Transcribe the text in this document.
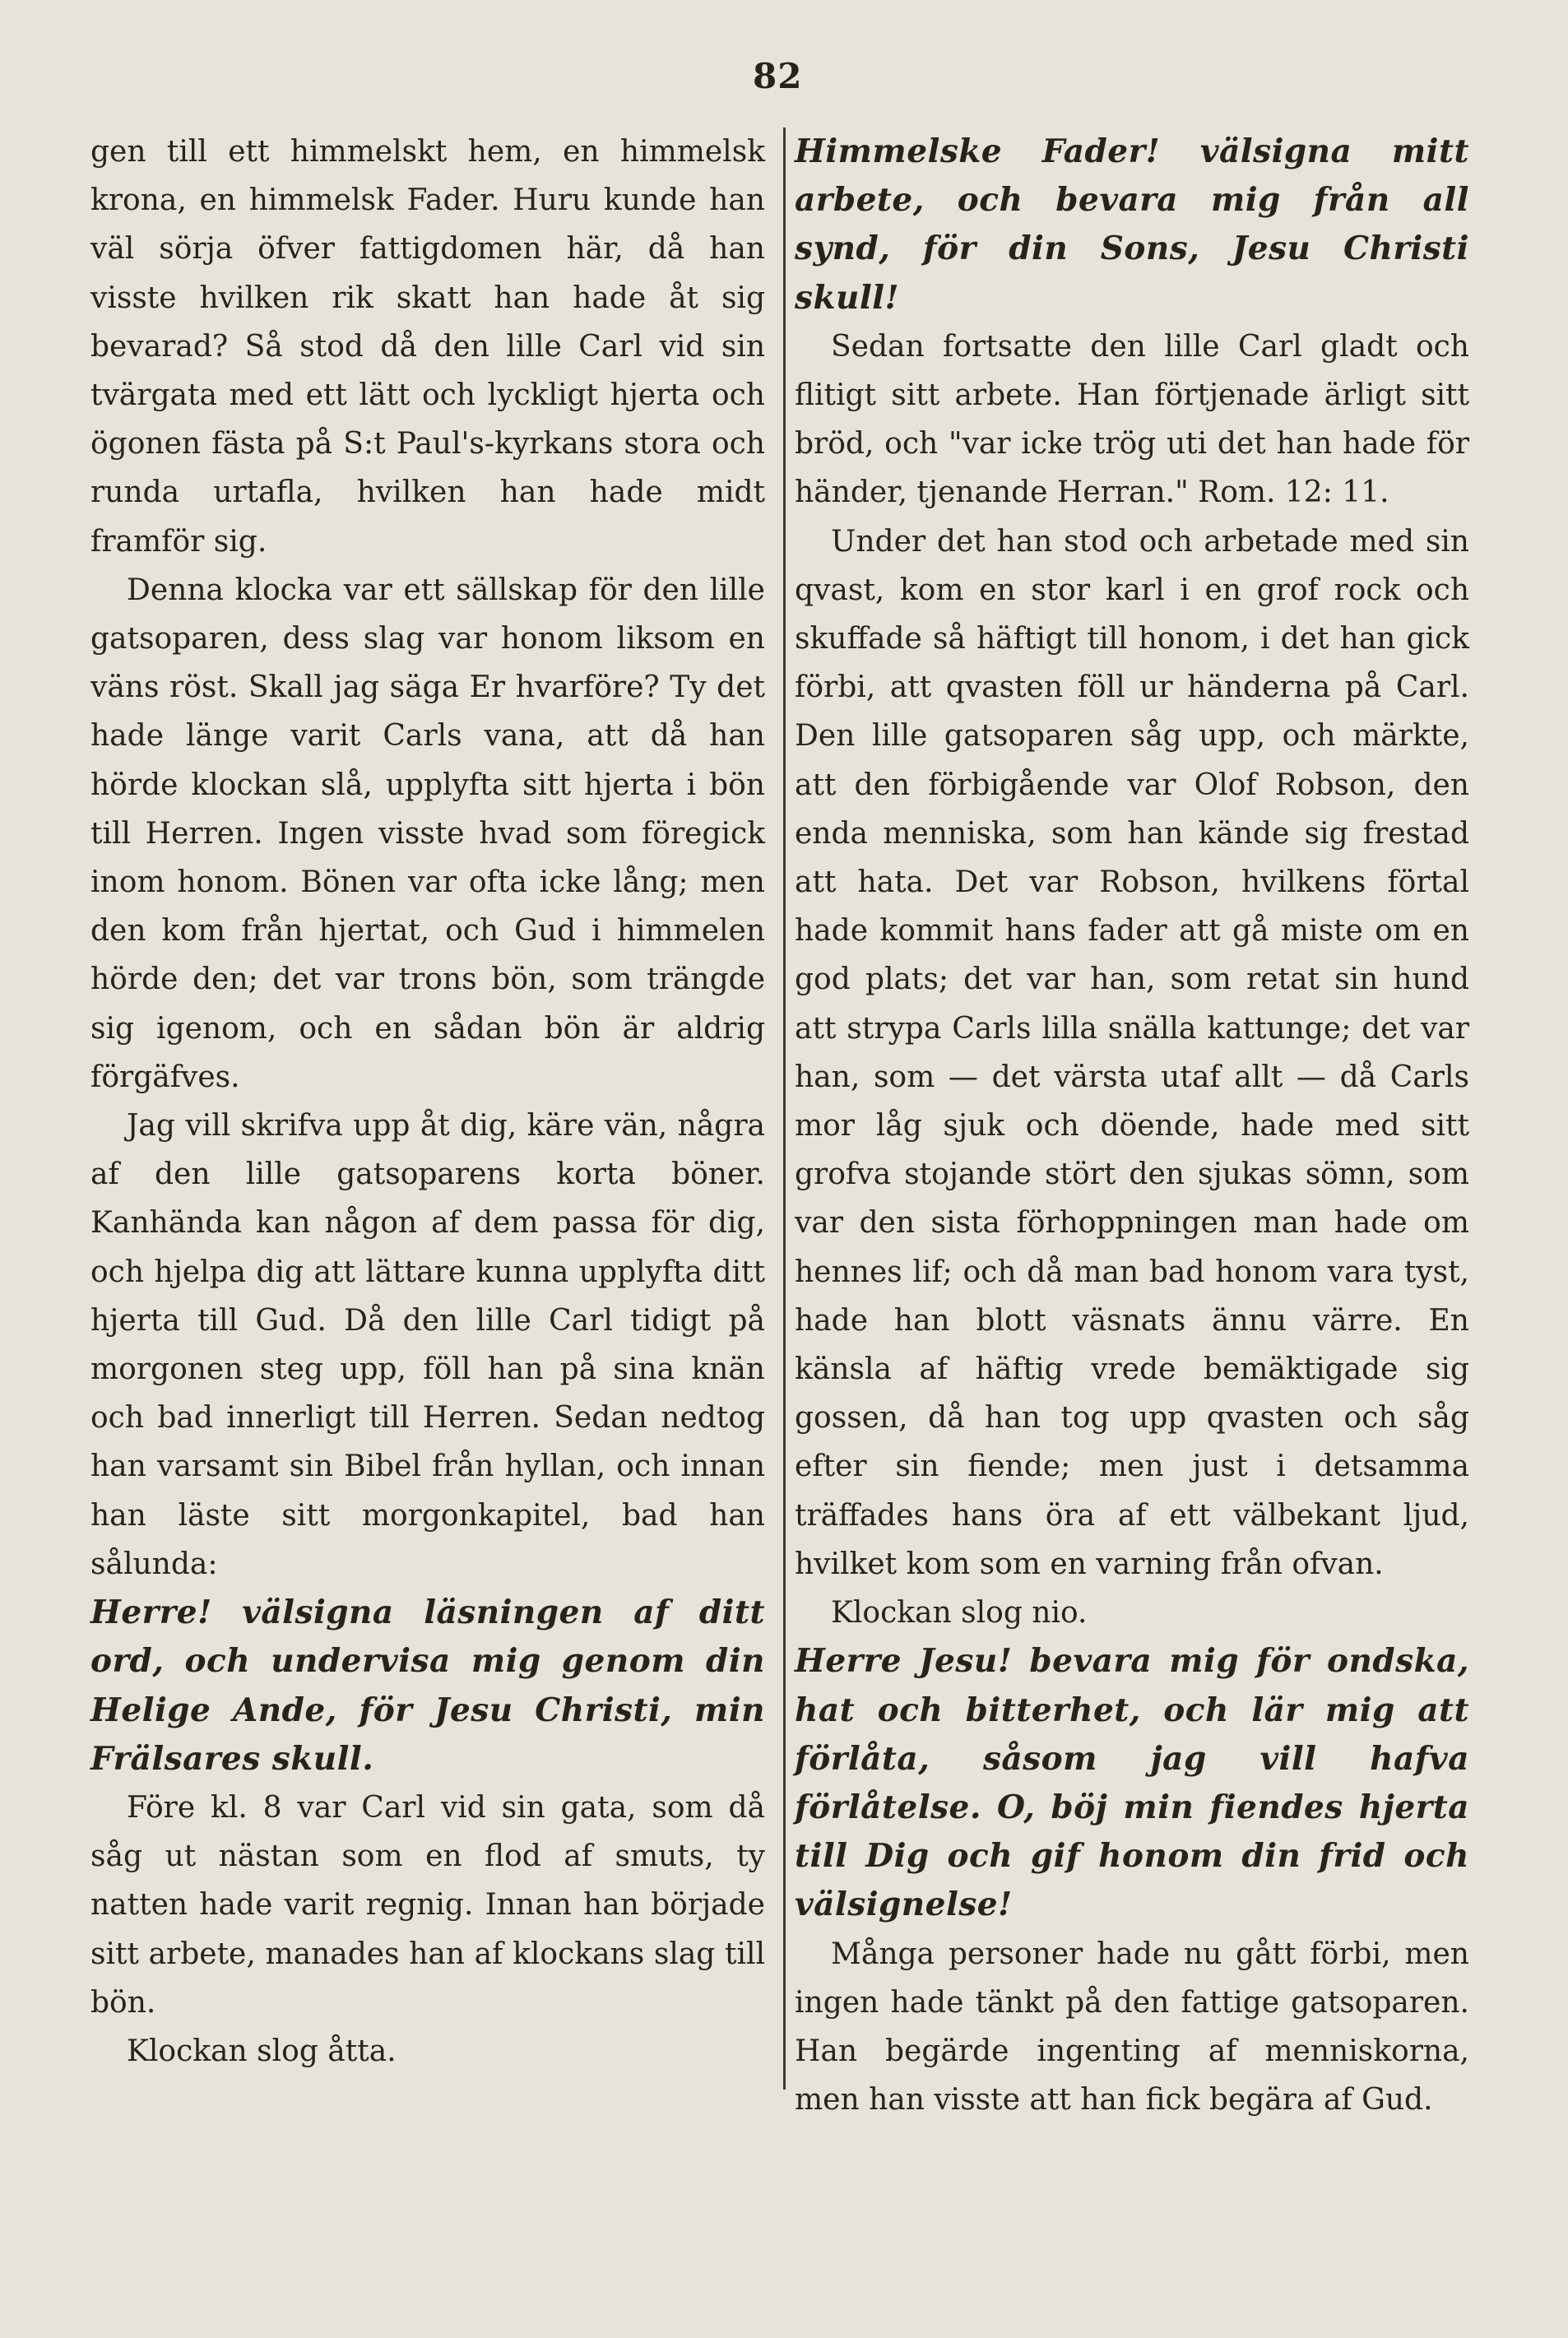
82

gen till ett himmelskt hem, en himmelsk krona, en himmelsk Fader. Huru kunde han väl sörja öfver fattigdomen här, då han visste hvilken rik skatt han hade åt sig bevarad? Så stod då den lille Carl vid sin tvärgata med ett lätt och lyckligt hjerta och ögonen fästa på S:t Paul's-kyrkans stora och runda urtafla, hvilken han hade midt framför sig.

Denna klocka var ett sällskap för den lille gatsoparen, dess slag var honom liksom en väns röst. Skall jag säga Er hvarföre? Ty det hade länge varit Carls vana, att då han hörde klockan slå, upplyfta sitt hjerta i bön till Herren. Ingen visste hvad som föregick inom honom. Bönen var ofta icke lång; men den kom från hjertat, och Gud i himmelen hörde den; det var trons bön, som trängde sig igenom, och en sådan bön är aldrig förgäfves.

Jag vill skrifva upp åt dig, käre vän, några af den lille gatsoparens korta böner. Kanhända kan någon af dem passa för dig, och hjelpa dig att lättare kunna upplyfta ditt hjerta till Gud. Då den lille Carl tidigt på morgonen steg upp, föll han på sina knän och bad innerligt till Herren. Sedan nedtog han varsamt sin Bibel från hyllan, och innan han läste sitt morgonkapitel, bad han sålunda:

Herre! välsigna läsningen af ditt ord, och undervisa mig genom din Helige Ande, för Jesu Christi, min Frälsares skull.

Före kl. 8 var Carl vid sin gata, som då såg ut nästan som en flod af smuts, ty natten hade varit regnig. Innan han började sitt arbete, manades han af klockans slag till bön.

Klockan slog åtta.

Himmelske Fader! välsigna mitt arbete, och bevara mig från all synd, för din Sons, Jesu Christi skull!

Sedan fortsatte den lille Carl gladt och flitigt sitt arbete. Han förtjenade ärligt sitt bröd, och "var icke trög uti det han hade för händer, tjenande Herran." Rom. 12: 11.

Under det han stod och arbetade med sin qvast, kom en stor karl i en grof rock och skuffade så häftigt till honom, i det han gick förbi, att qvasten föll ur händerna på Carl. Den lille gatsoparen såg upp, och märkte, att den förbigående var Olof Robson, den enda menniska, som han kände sig frestad att hata. Det var Robson, hvilkens förtal hade kommit hans fader att gå miste om en god plats; det var han, som retat sin hund att strypa Carls lilla snälla kattunge; det var han, som — det värsta utaf allt — då Carls mor låg sjuk och döende, hade med sitt grofva stojande stört den sjukas sömn, som var den sista förhoppningen man hade om hennes lif; och då man bad honom vara tyst, hade han blott väsnats ännu värre. En känsla af häftig vrede bemäktigade sig gossen, då han tog upp qvasten och såg efter sin fiende; men just i detsamma träffades hans öra af ett välbekant ljud, hvilket kom som en varning från ofvan.

Klockan slog nio.

Herre Jesu! bevara mig för ondska, hat och bitterhet, och lär mig att förlåta, såsom jag vill hafva förlåtelse. O, böj min fiendes hjerta till Dig och gif honom din frid och välsignelse!

Många personer hade nu gått förbi, men ingen hade tänkt på den fattige gatsoparen. Han begärde ingenting af menniskorna, men han visste att han fick begära af Gud.
